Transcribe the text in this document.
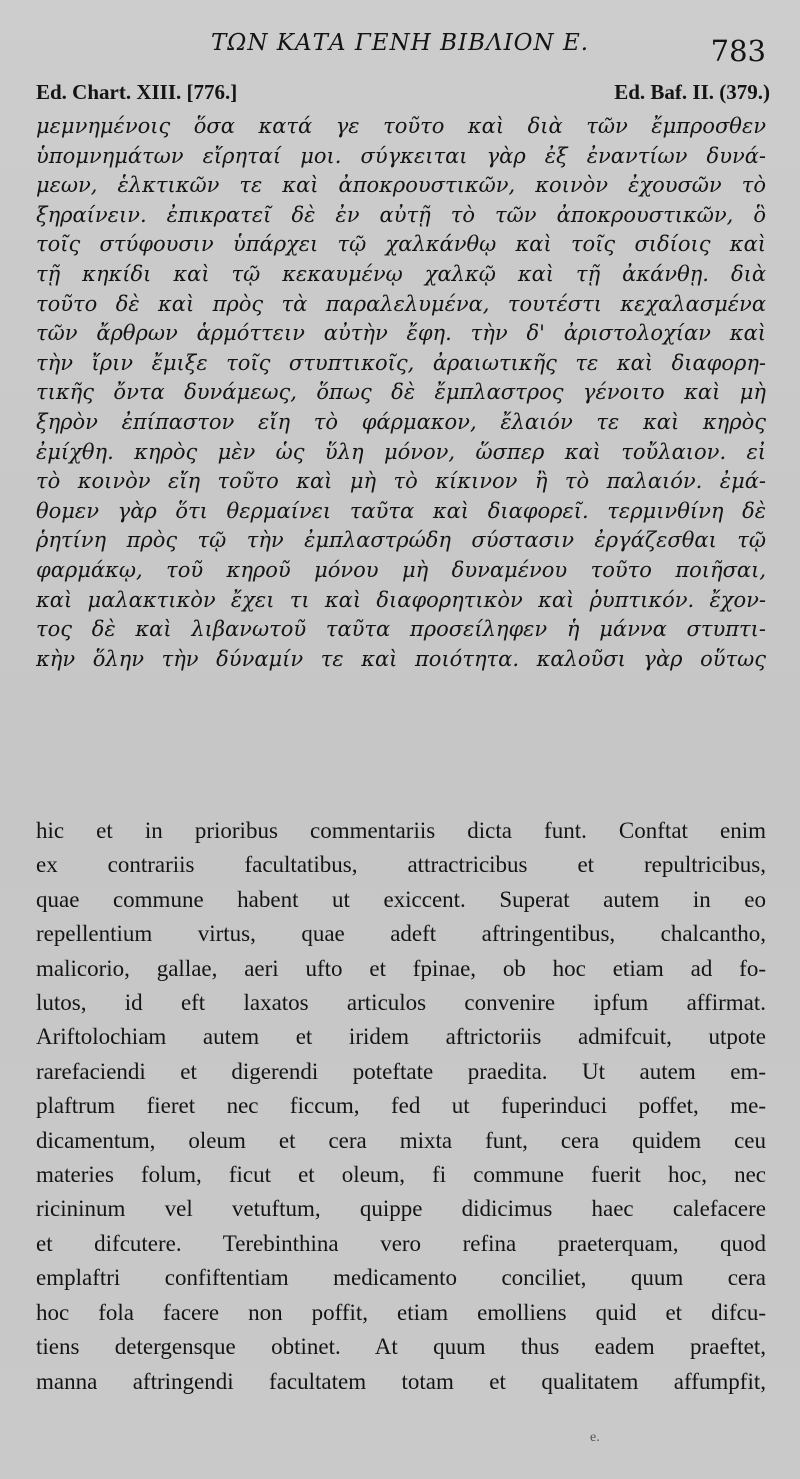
ΤΩΝ ΚΑΤΑ ΓΕΝΗ ΒΙΒΛΙΟΝ Ε.	783
Ed. Chart. XIII. [776.]	Ed. Baf. II. (379.)
μεμνημένοις ὅσα κατά γε τοῦτο καὶ διὰ τῶν ἔμπροσθεν
ὑπομνημάτων εἴρηταί μοι. σύγκειται γὰρ ἐξ ἐναντίων δυνά-
μεων, ἑλκτικῶν τε καὶ ἀποκρουστικῶν, κοινὸν ἐχουσῶν τὸ
ξηραίνειν. ἐπικρατεῖ δὲ ἐν αὐτῇ τὸ τῶν ἀποκρουστικῶν, ὃ
τοῖς στύφουσιν ὑπάρχει τῷ χαλκάνθῳ καὶ τοῖς σιδίοις καὶ
τῇ κηκίδι καὶ τῷ κεκαυμένῳ χαλκῷ καὶ τῇ ἀκάνθῃ. διὰ
τοῦτο δὲ καὶ πρὸς τὰ παραλελυμένα, τουτέστι κεχαλασμένα
τῶν ἄρθρων ἁρμόττειν αὐτὴν ἔφη. τὴν δ' ἀριστολοχίαν καὶ
τὴν ἴριν ἔμιξε τοῖς στυπτικοῖς, ἀραιωτικῆς τε καὶ διαφορη-
τικῆς ὄντα δυνάμεως, ὅπως δὲ ἔμπλαστρος γένοιτο καὶ μὴ
ξηρὸν ἐπίπαστον εἴη τὸ φάρμακον, ἔλαιόν τε καὶ κηρὸς
ἐμίχθη. κηρὸς μὲν ὡς ὕλη μόνον, ὥσπερ καὶ τοὔλαιον. εἰ
τὸ κοινὸν εἴη τοῦτο καὶ μὴ τὸ κίκινον ἢ τὸ παλαιόν. ἐμά-
θομεν γὰρ ὅτι θερμαίνει ταῦτα καὶ διαφορεῖ. τερμινθίνη δὲ
ῥητίνη πρὸς τῷ τὴν ἐμπλαστρώδη σύστασιν ἐργάζεσθαι τῷ
φαρμάκῳ, τοῦ κηροῦ μόνου μὴ δυναμένου τοῦτο ποιῆσαι,
καὶ μαλακτικὸν ἔχει τι καὶ διαφορητικὸν καὶ ῥυπτικόν. ἔχον-
τος δὲ καὶ λιβανωτοῦ ταῦτα προσείληφεν ἡ μάννα στυπτι-
κὴν ὅλην τὴν δύναμίν τε καὶ ποιότητα. καλοῦσι γὰρ οὕτως
hic et in prioribus commentariis dicta funt. Conftat enim
ex contrariis facultatibus, attractricibus et repultricibus,
quae commune habent ut exiccent. Superat autem in eo
repellentium virtus, quae adeft aftringentibus, chalcantho,
malicorio, gallae, aeri ufto et fpinae, ob hoc etiam ad fo-
lutos, id eft laxatos articulos convenire ipfum affirmat.
Ariftolochiam autem et iridem aftrictoriis admifcuit, utpote
rarefaciendi et digerendi poteftate praedita. Ut autem em-
plaftrum fieret nec ficcum, fed ut fuperinduci poffet, me-
dicamentum, oleum et cera mixta funt, cera quidem ceu
materies folum, ficut et oleum, fi commune fuerit hoc, nec
ricininum vel vetuftum, quippe didicimus haec calefacere
et difcutere. Terebinthina vero refina praeterquam, quod
emplaftri confiftentiam medicamento conciliet, quum cera
hoc fola facere non poffit, etiam emolliens quid et difcu-
tiens detergensque obtinet. At quum thus eadem praeftet,
manna aftringendi facultatem totam et qualitatem affumpfit,
e.
